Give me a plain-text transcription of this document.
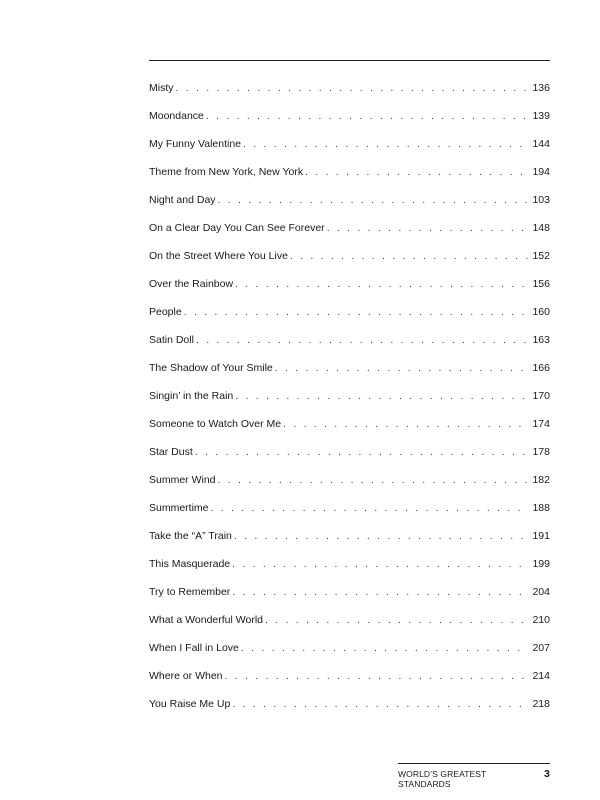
Misty . . .	136
Moondance . . .	139
My Funny Valentine . . .	144
Theme from New York, New York . . .	194
Night and Day . . .	103
On a Clear Day You Can See Forever . . .	148
On the Street Where You Live . . .	152
Over the Rainbow . . .	156
People . . .	160
Satin Doll . . .	163
The Shadow of Your Smile . . .	166
Singin’ in the Rain . . .	170
Someone to Watch Over Me . . .	174
Star Dust . . .	178
Summer Wind . . .	182
Summertime . . .	188
Take the “A” Train . . .	191
This Masquerade . . .	199
Try to Remember . . .	204
What a Wonderful World . . .	210
When I Fall in Love . . .	207
Where or When . . .	214
You Raise Me Up . . .	218
WORLD’S GREATEST STANDARDS
3
